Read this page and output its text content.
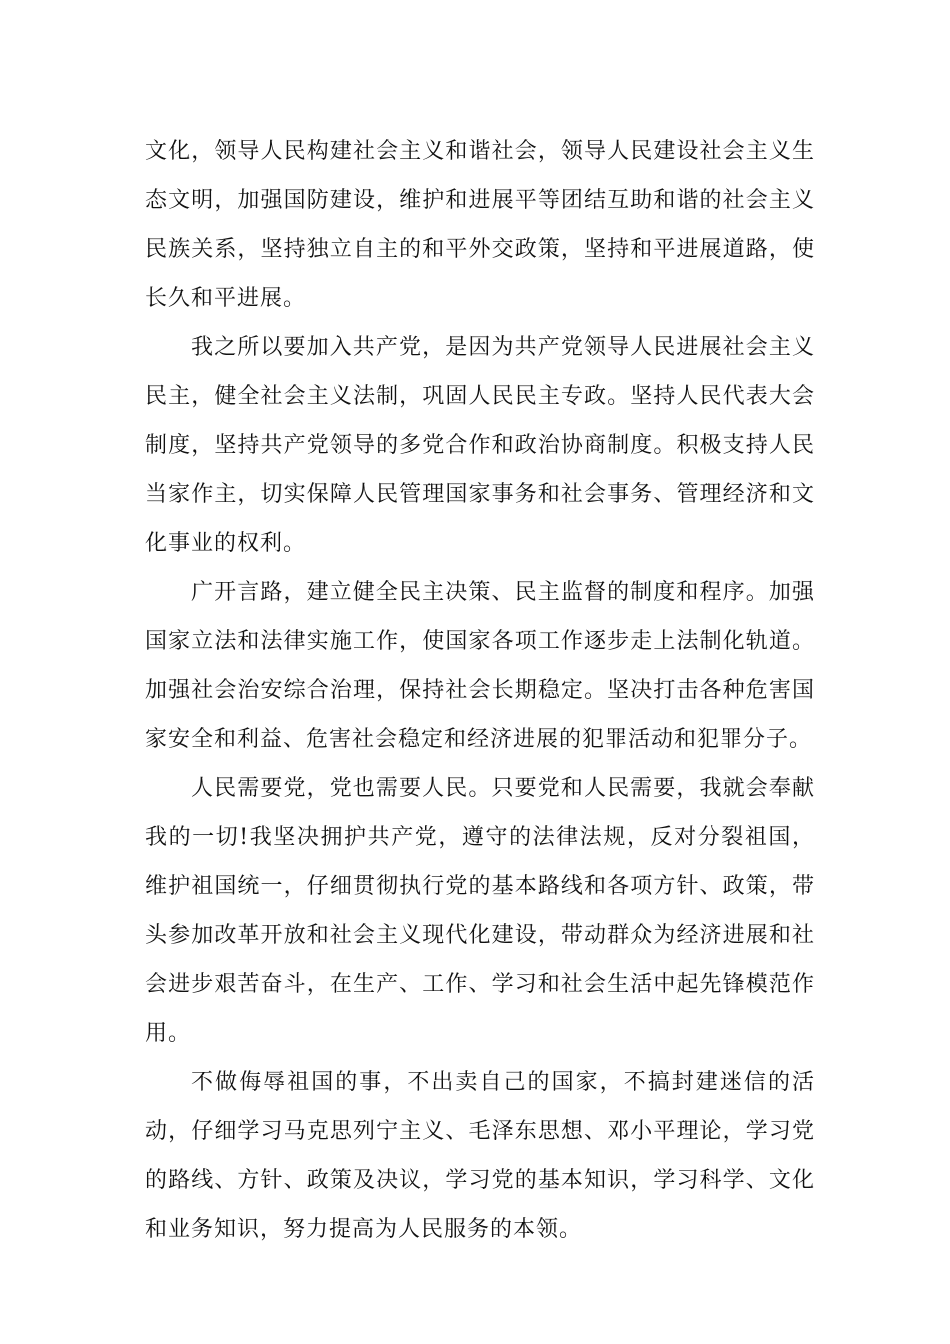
文化，领导人民构建社会主义和谐社会，领导人民建设社会主义生态文明，加强国防建设，维护和进展平等团结互助和谐的社会主义民族关系，坚持独立自主的和平外交政策，坚持和平进展道路，使长久和平进展。

我之所以要加入共产党，是因为共产党领导人民进展社会主义民主，健全社会主义法制，巩固人民民主专政。坚持人民代表大会制度，坚持共产党领导的多党合作和政治协商制度。积极支持人民当家作主，切实保障人民管理国家事务和社会事务、管理经济和文化事业的权利。

广开言路，建立健全民主决策、民主监督的制度和程序。加强国家立法和法律实施工作，使国家各项工作逐步走上法制化轨道。加强社会治安综合治理，保持社会长期稳定。坚决打击各种危害国家安全和利益、危害社会稳定和经济进展的犯罪活动和犯罪分子。

人民需要党，党也需要人民。只要党和人民需要，我就会奉献我的一切!我坚决拥护共产党，遵守的法律法规，反对分裂祖国，维护祖国统一，仔细贯彻执行党的基本路线和各项方针、政策，带头参加改革开放和社会主义现代化建设，带动群众为经济进展和社会进步艰苦奋斗，在生产、工作、学习和社会生活中起先锋模范作用。

不做侮辱祖国的事，不出卖自己的国家，不搞封建迷信的活动，仔细学习马克思列宁主义、毛泽东思想、邓小平理论，学习党的路线、方针、政策及决议，学习党的基本知识，学习科学、文化和业务知识，努力提高为人民服务的本领。
